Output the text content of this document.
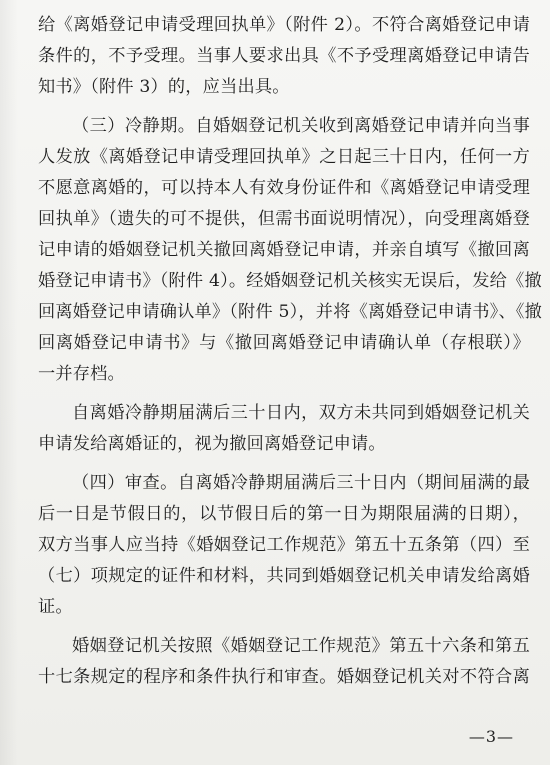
给《离婚登记申请受理回执单》（附件 2）。不符合离婚登记申请

条件的，不予受理。当事人要求出具《不予受理离婚登记申请告

知书》（附件 3）的，应当出具。

（三）冷静期。自婚姻登记机关收到离婚登记申请并向当事

人发放《离婚登记申请受理回执单》之日起三十日内，任何一方

不愿意离婚的，可以持本人有效身份证件和《离婚登记申请受理

回执单》（遗失的可不提供，但需书面说明情况），向受理离婚登

记申请的婚姻登记机关撤回离婚登记申请，并亲自填写《撤回离

婚登记申请书》（附件 4）。经婚姻登记机关核实无误后，发给《撤

回离婚登记申请确认单》（附件 5），并将《离婚登记申请书》、《撤

回离婚登记申请书》与《撤回离婚登记申请确认单（存根联）》

一并存档。

自离婚冷静期届满后三十日内，双方未共同到婚姻登记机关

申请发给离婚证的，视为撤回离婚登记申请。

（四）审查。自离婚冷静期届满后三十日内（期间届满的最

后一日是节假日的，以节假日后的第一日为期限届满的日期），

双方当事人应当持《婚姻登记工作规范》第五十五条第（四）至

（七）项规定的证件和材料，共同到婚姻登记机关申请发给离婚

证。

婚姻登记机关按照《婚姻登记工作规范》第五十六条和第五

十七条规定的程序和条件执行和审查。婚姻登记机关对不符合离

—3—
